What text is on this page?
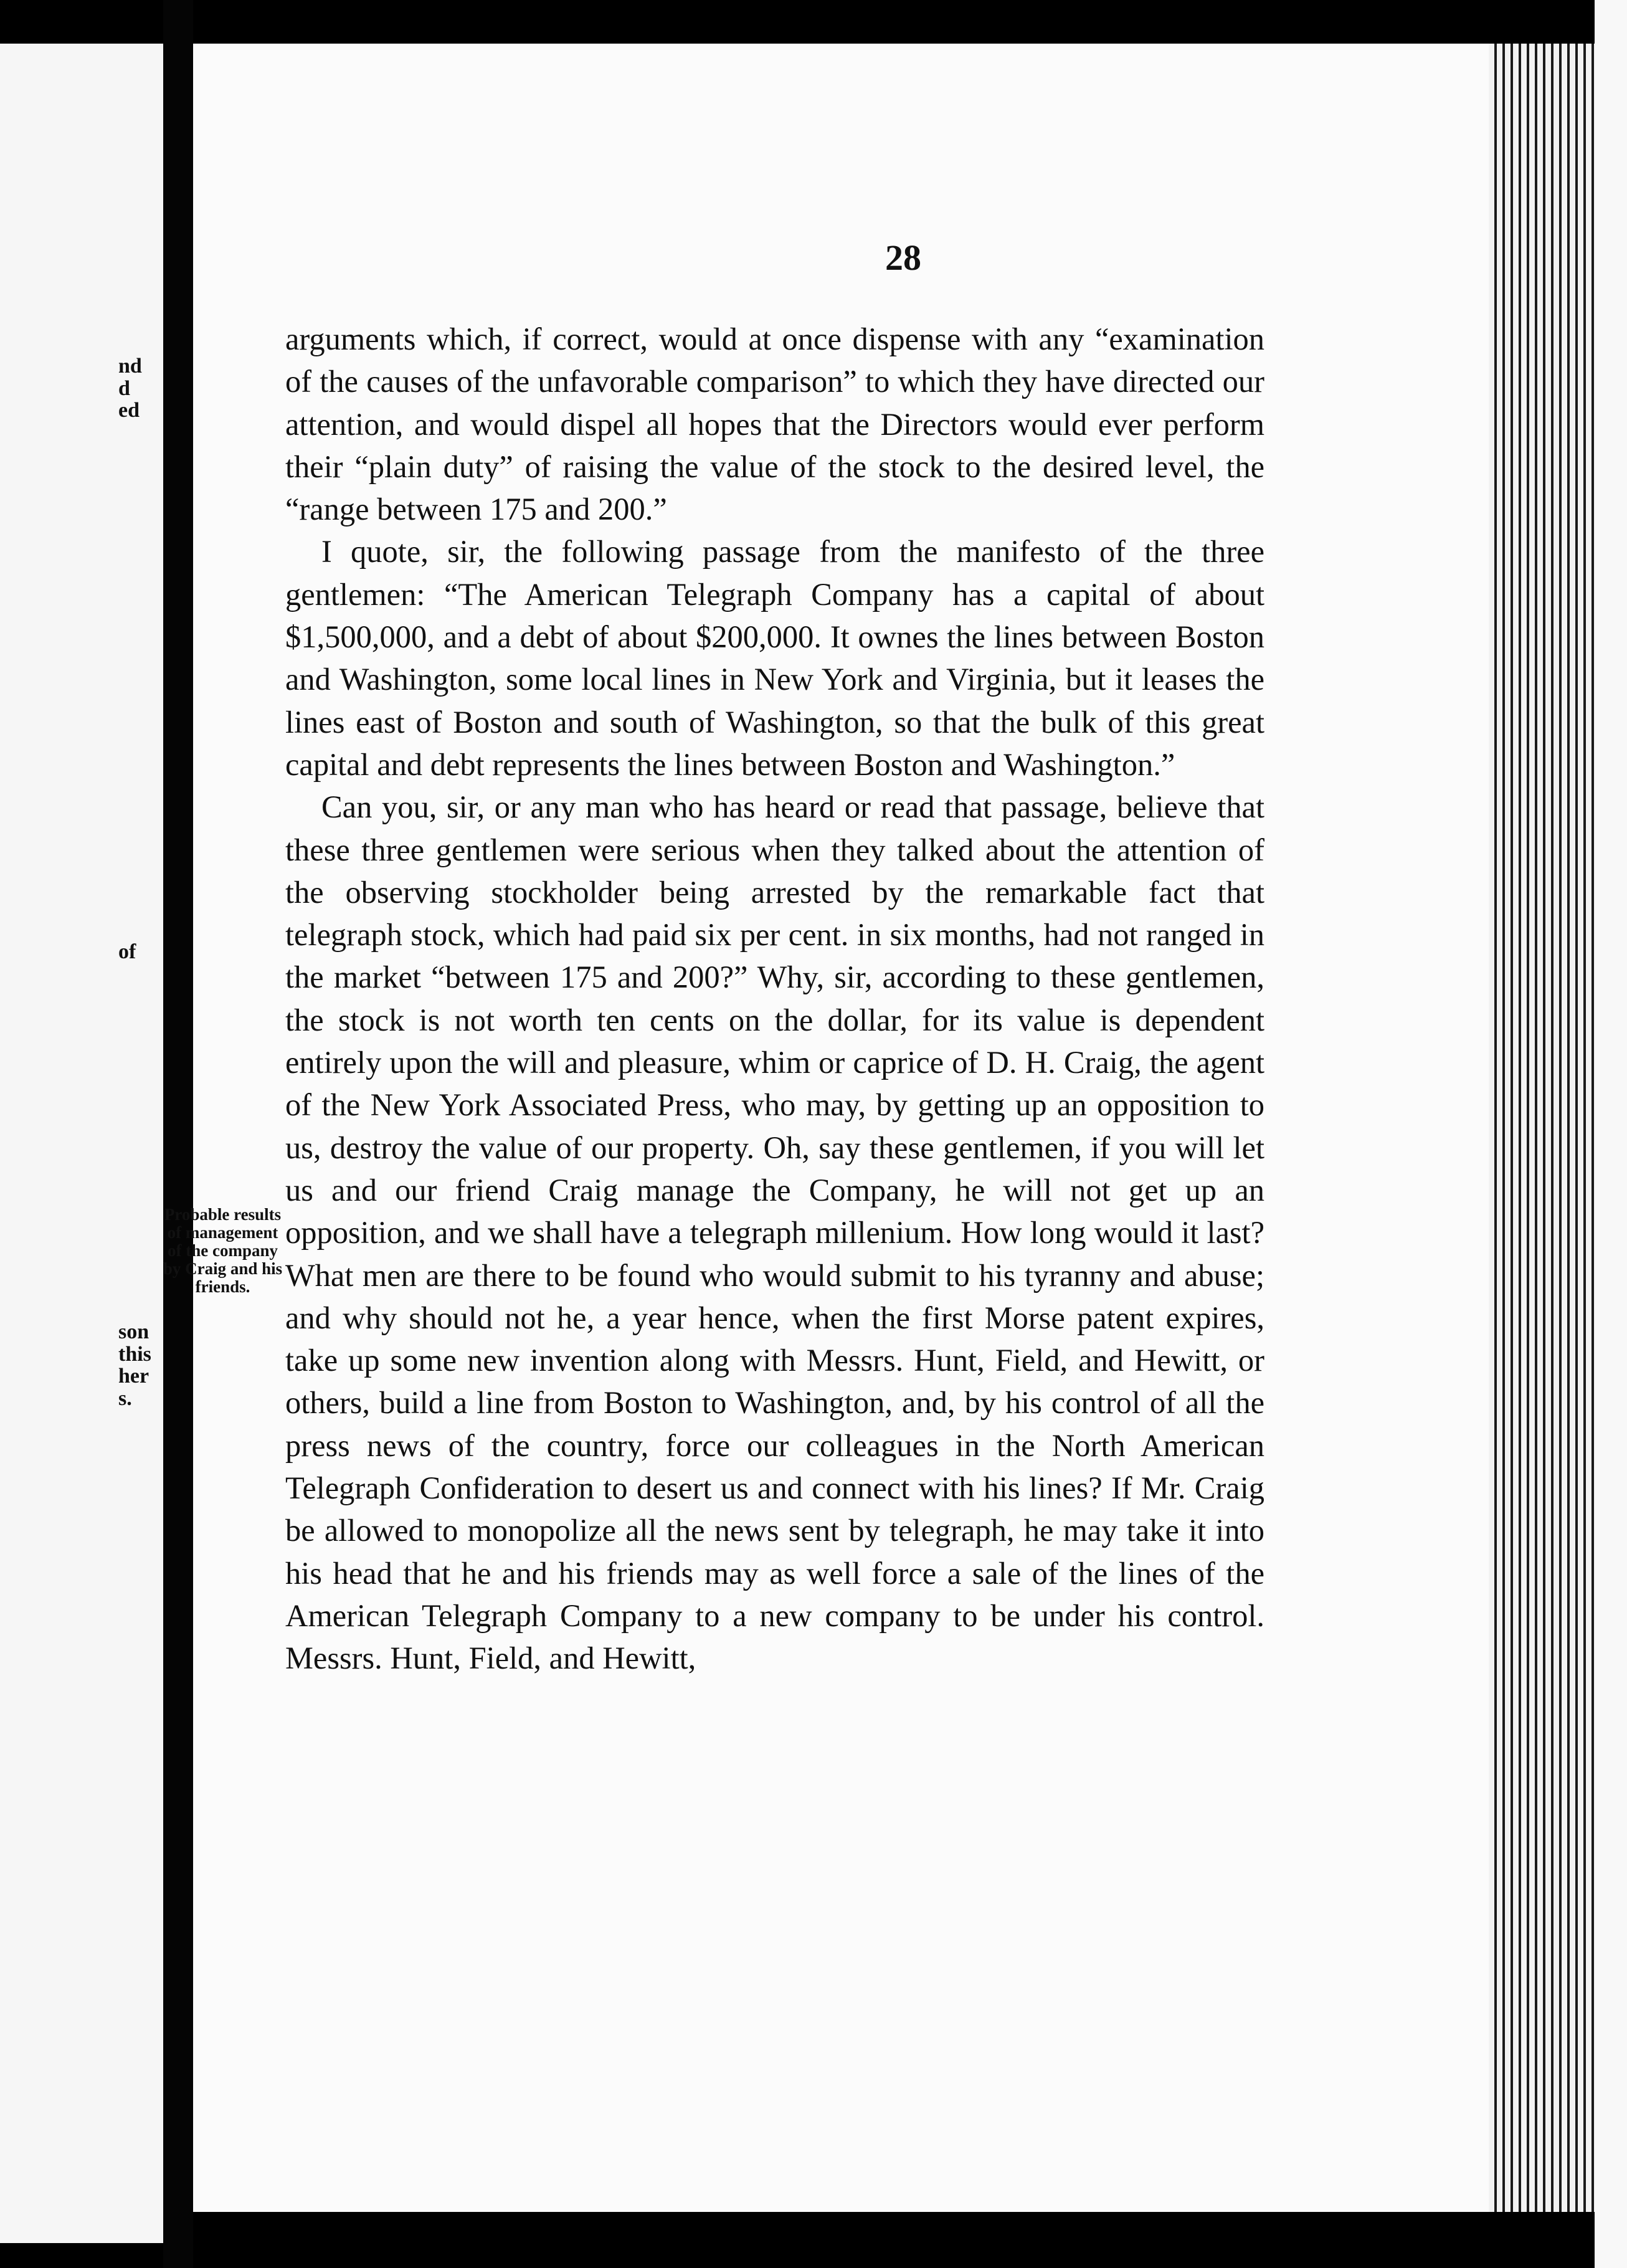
nd
d
ed
of
son
this
her
s.
28
Probable results of management of the company by Craig and his friends.

arguments which, if correct, would at once dispense with any “examination of the causes of the unfavorable comparison” to which they have directed our attention, and would dispel all hopes that the Directors would ever perform their “plain duty” of raising the value of the stock to the desired level, the “range between 175 and 200.”

I quote, sir, the following passage from the manifesto of the three gentlemen: “The American Telegraph Company has a capital of about $1,500,000, and a debt of about $200,000. It ownes the lines between Boston and Washington, some local lines in New York and Virginia, but it leases the lines east of Boston and south of Washington, so that the bulk of this great capital and debt represents the lines between Boston and Washington.”

Can you, sir, or any man who has heard or read that passage, believe that these three gentlemen were serious when they talked about the attention of the observing stockholder being arrested by the remarkable fact that telegraph stock, which had paid six per cent. in six months, had not ranged in the market “between 175 and 200?” Why, sir, according to these gentlemen, the stock is not worth ten cents on the dollar, for its value is dependent entirely upon the will and pleasure, whim or caprice of D. H. Craig, the agent of the New York Associated Press, who may, by getting up an opposition to us, destroy the value of our property. Oh, say these gentlemen, if you will let us and our friend Craig manage the Company, he will not get up an opposition, and we shall have a telegraph millenium. How long would it last? What men are there to be found who would submit to his tyranny and abuse; and why should not he, a year hence, when the first Morse patent expires, take up some new invention along with Messrs. Hunt, Field, and Hewitt, or others, build a line from Boston to Washington, and, by his control of all the press news of the country, force our colleagues in the North American Telegraph Confideration to desert us and connect with his lines? If Mr. Craig be allowed to monopolize all the news sent by telegraph, he may take it into his head that he and his friends may as well force a sale of the lines of the American Telegraph Company to a new company to be under his control. Messrs. Hunt, Field, and Hewitt,
